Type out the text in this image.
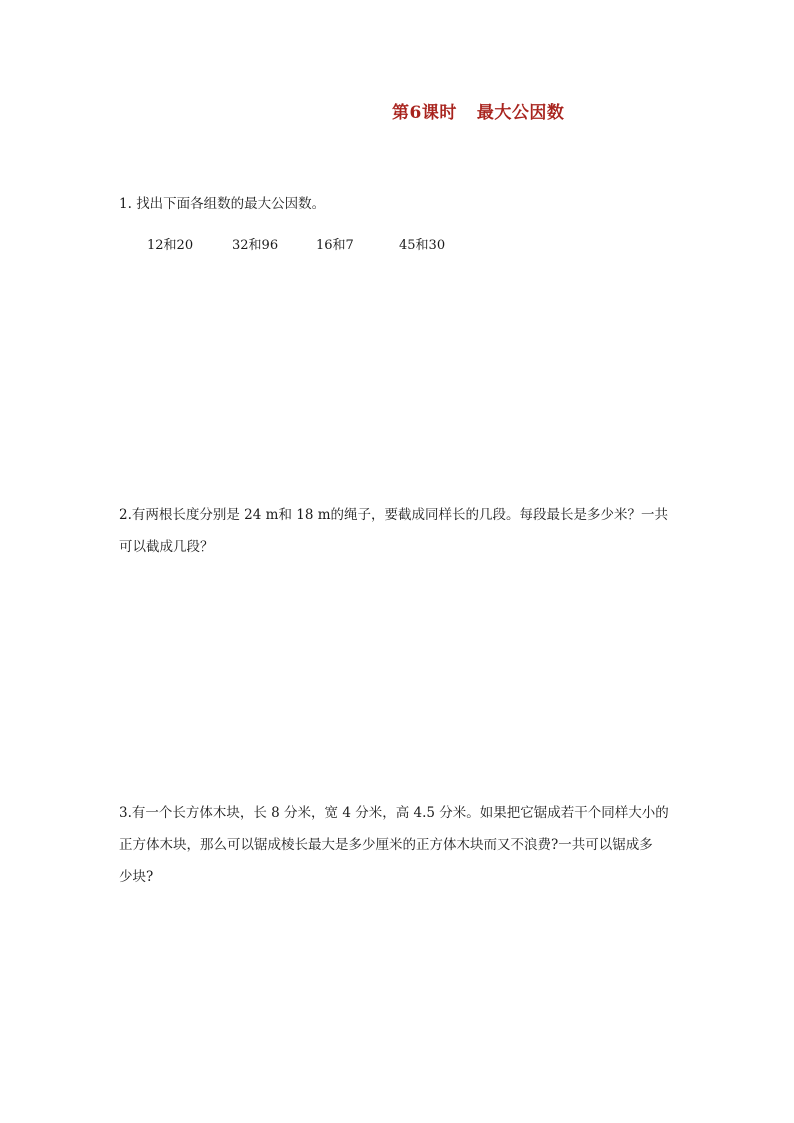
第6课时 最大公因数
1. 找出下面各组数的最大公因数。
12和20	32和96	16和7	45和30
2.有两根长度分别是 24 m和 18 m的绳子，要截成同样长的几段。每段最长是多少米？一共
可以截成几段？
3.有一个长方体木块，长 8 分米，宽 4 分米，高 4.5 分米。如果把它锯成若干个同样大小的
正方体木块，那么可以锯成棱长最大是多少厘米的正方体木块而又不浪费?一共可以锯成多
少块?
